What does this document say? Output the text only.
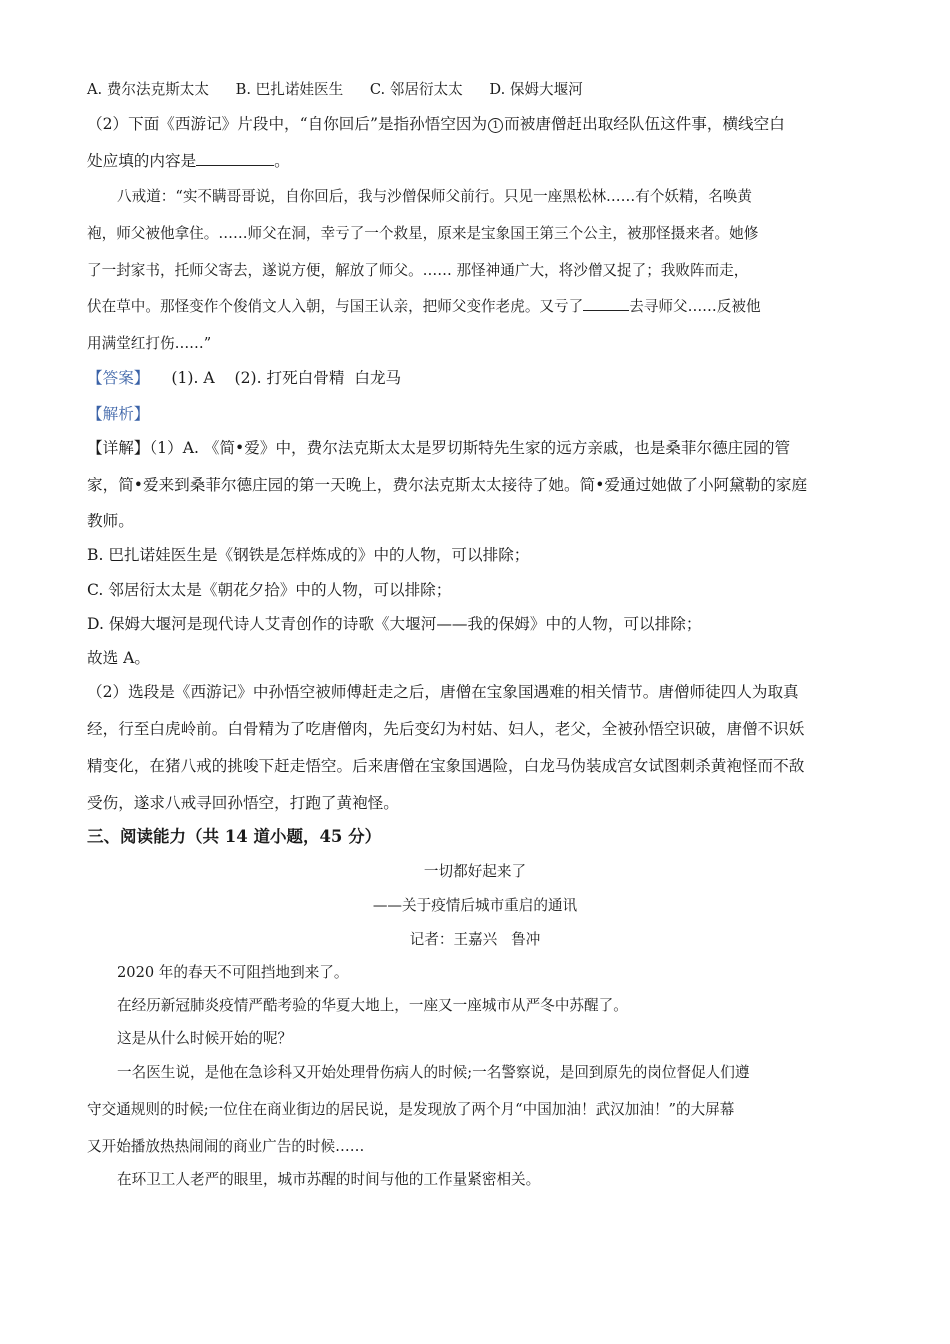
A. 费尔法克斯太太 B. 巴扎诺娃医生 C. 邻居衍太太 D. 保姆大堰河
（2）下面《西游记》片段中，“自你回后”是指孙悟空因为 1 而被唐僧赶出取经队伍这件事，横线空白
处应填的内容是	。
八戒道：“实不瞒哥哥说，自你回后，我与沙僧保师父前行。只见一座黑松林……有个妖精，名唤黄
袍，师父被他拿住。……师父在洞，幸亏了一个救星，原来是宝象国王第三个公主，被那怪摄来者。她修
了一封家书，托师父寄去，遂说方便，解放了师父。…… 那怪神通广大，将沙僧又捉了；我败阵而走，
伏在草中。那怪变作个俊俏文人入朝，与国王认亲，把师父变作老虎。又亏了	去寻师父……反被他
用满堂红打伤……”
【答案】 (1). A    (2). 打死白骨精  白龙马
【解析】
【详解】（1）A. 《简•爱》中，费尔法克斯太太是罗切斯特先生家的远方亲戚，也是桑菲尔德庄园的管
家，简•爱来到桑菲尔德庄园的第一天晚上，费尔法克斯太太接待了她。简•爱通过她做了小阿黛勒的家庭
教师。
B. 巴扎诺娃医生是《钢铁是怎样炼成的》中的人物，可以排除；
C. 邻居衍太太是《朝花夕拾》中的人物，可以排除；
D. 保姆大堰河是现代诗人艾青创作的诗歌《大堰河——我的保姆》中的人物，可以排除；
故选 A。
（2）选段是《西游记》中孙悟空被师傅赶走之后，唐僧在宝象国遇难的相关情节。唐僧师徒四人为取真
经，行至白虎岭前。白骨精为了吃唐僧肉，先后变幻为村姑、妇人，老父，全被孙悟空识破，唐僧不识妖
精变化，在猪八戒的挑唆下赶走悟空。后来唐僧在宝象国遇险，白龙马伪装成宫女试图刺杀黄袍怪而不敌
受伤，遂求八戒寻回孙悟空，打跑了黄袍怪。
三、阅读能力（共 14 道小题，45 分）
一切都好起来了
——关于疫情后城市重启的通讯
记者：王嘉兴   鲁冲
2020 年的春天不可阻挡地到来了。
在经历新冠肺炎疫情严酷考验的华夏大地上，一座又一座城市从严冬中苏醒了。
这是从什么时候开始的呢？
一名医生说，是他在急诊科又开始处理骨伤病人的时候;一名警察说，是回到原先的岗位督促人们遵
守交通规则的时候;一位住在商业街边的居民说，是发现放了两个月“中国加油！武汉加油！”的大屏幕
又开始播放热热闹闹的商业广告的时候……
在环卫工人老严的眼里，城市苏醒的时间与他的工作量紧密相关。
